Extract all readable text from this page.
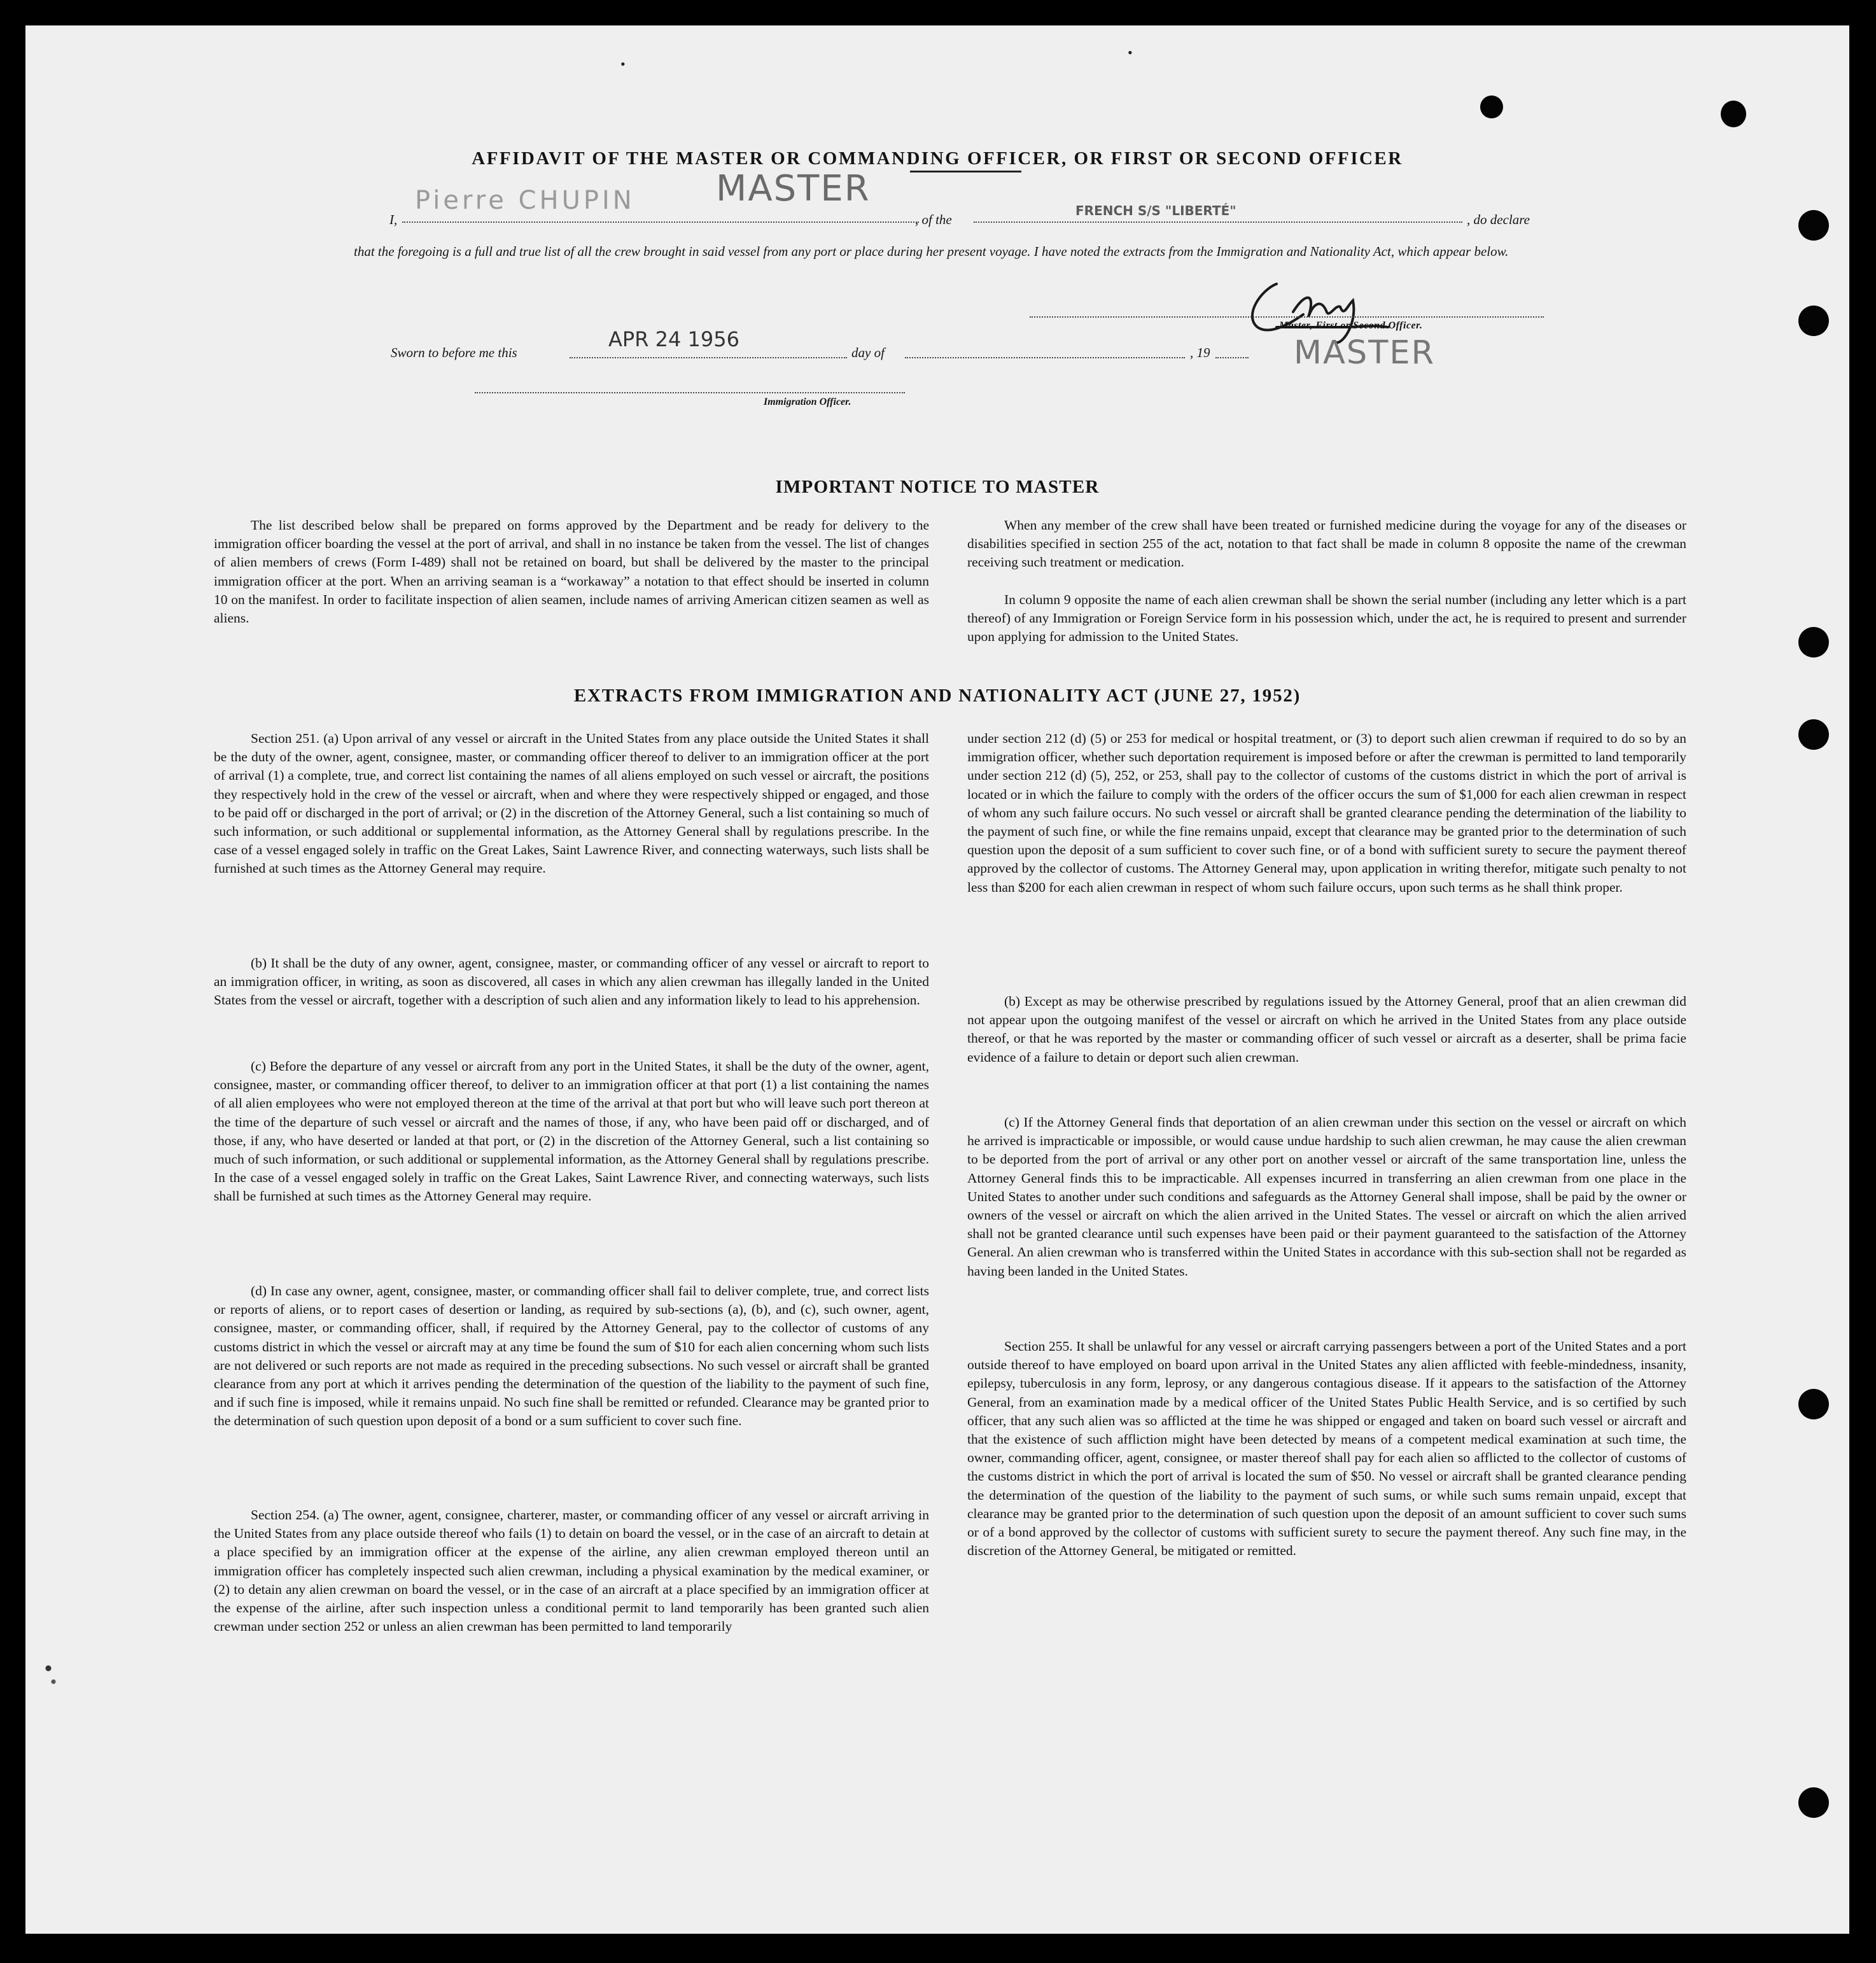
•
•
AFFIDAVIT OF THE MASTER OR COMMANDING OFFICER, OR FIRST OR SECOND OFFICER
I,
Pierre CHUPIN MASTER
, of the
FRENCH S/S "LIBERTÉ"
, do declare
that the foregoing is a full and true list of all the crew brought in said vessel from any port or place during her present voyage. I have noted the extracts from the Immigration and Nationality Act, which appear below.
Master, First or Second Officer.
MASTER
Sworn to before me this
APR 24 1956
day of	, 19
Immigration Officer.
IMPORTANT NOTICE TO MASTER

The list described below shall be prepared on forms approved by the Department and be ready for delivery to the immigration officer boarding the vessel at the port of arrival, and shall in no instance be taken from the vessel. The list of changes of alien members of crews (Form I-489) shall not be retained on board, but shall be delivered by the master to the principal immigration officer at the port. When an arriving seaman is a “workaway” a notation to that effect should be inserted in column 10 on the manifest. In order to facilitate inspection of alien seamen, include names of arriving American citizen seamen as well as aliens.

When any member of the crew shall have been treated or furnished medicine during the voyage for any of the diseases or disabilities specified in section 255 of the act, notation to that fact shall be made in column 8 opposite the name of the crewman receiving such treatment or medication.

In column 9 opposite the name of each alien crewman shall be shown the serial number (including any letter which is a part thereof) of any Immigration or Foreign Service form in his possession which, under the act, he is required to present and surrender upon applying for admission to the United States.

EXTRACTS FROM IMMIGRATION AND NATIONALITY ACT (JUNE 27, 1952)

Section 251. (a) Upon arrival of any vessel or aircraft in the United States from any place outside the United States it shall be the duty of the owner, agent, consignee, master, or commanding officer thereof to deliver to an immigration officer at the port of arrival (1) a complete, true, and correct list containing the names of all aliens employed on such vessel or aircraft, the positions they respectively hold in the crew of the vessel or aircraft, when and where they were respectively shipped or engaged, and those to be paid off or discharged in the port of arrival; or (2) in the discretion of the Attorney General, such a list containing so much of such information, or such additional or supplemental information, as the Attorney General shall by regulations prescribe. In the case of a vessel engaged solely in traffic on the Great Lakes, Saint Lawrence River, and connecting waterways, such lists shall be furnished at such times as the Attorney General may require.

(b) It shall be the duty of any owner, agent, consignee, master, or commanding officer of any vessel or aircraft to report to an immigration officer, in writing, as soon as discovered, all cases in which any alien crewman has illegally landed in the United States from the vessel or aircraft, together with a description of such alien and any information likely to lead to his apprehension.

(c) Before the departure of any vessel or aircraft from any port in the United States, it shall be the duty of the owner, agent, consignee, master, or commanding officer thereof, to deliver to an immigration officer at that port (1) a list containing the names of all alien employees who were not employed thereon at the time of the arrival at that port but who will leave such port thereon at the time of the departure of such vessel or aircraft and the names of those, if any, who have been paid off or discharged, and of those, if any, who have deserted or landed at that port, or (2) in the discretion of the Attorney General, such a list containing so much of such information, or such additional or supplemental information, as the Attorney General shall by regulations prescribe. In the case of a vessel engaged solely in traffic on the Great Lakes, Saint Lawrence River, and connecting waterways, such lists shall be furnished at such times as the Attorney General may require.

(d) In case any owner, agent, consignee, master, or commanding officer shall fail to deliver complete, true, and correct lists or reports of aliens, or to report cases of desertion or landing, as required by sub-sections (a), (b), and (c), such owner, agent, consignee, master, or commanding officer, shall, if required by the Attorney General, pay to the collector of customs of any customs district in which the vessel or aircraft may at any time be found the sum of $10 for each alien concerning whom such lists are not delivered or such reports are not made as required in the preceding subsections. No such vessel or aircraft shall be granted clearance from any port at which it arrives pending the determination of the question of the liability to the payment of such fine, and if such fine is imposed, while it remains unpaid. No such fine shall be remitted or refunded. Clearance may be granted prior to the determination of such question upon deposit of a bond or a sum sufficient to cover such fine.

Section 254. (a) The owner, agent, consignee, charterer, master, or commanding officer of any vessel or aircraft arriving in the United States from any place outside thereof who fails (1) to detain on board the vessel, or in the case of an aircraft to detain at a place specified by an immigration officer at the expense of the airline, any alien crewman employed thereon until an immigration officer has completely inspected such alien crewman, including a physical examination by the medical examiner, or (2) to detain any alien crewman on board the vessel, or in the case of an aircraft at a place specified by an immigration officer at the expense of the airline, after such inspection unless a conditional permit to land temporarily has been granted such alien crewman under section 252 or unless an alien crewman has been permitted to land temporarily

under section 212 (d) (5) or 253 for medical or hospital treatment, or (3) to deport such alien crewman if required to do so by an immigration officer, whether such deportation requirement is imposed before or after the crewman is permitted to land temporarily under section 212 (d) (5), 252, or 253, shall pay to the collector of customs of the customs district in which the port of arrival is located or in which the failure to comply with the orders of the officer occurs the sum of $1,000 for each alien crewman in respect of whom any such failure occurs. No such vessel or aircraft shall be granted clearance pending the determination of the liability to the payment of such fine, or while the fine remains unpaid, except that clearance may be granted prior to the determination of such question upon the deposit of a sum sufficient to cover such fine, or of a bond with sufficient surety to secure the payment thereof approved by the collector of customs. The Attorney General may, upon application in writing therefor, mitigate such penalty to not less than $200 for each alien crewman in respect of whom such failure occurs, upon such terms as he shall think proper.

(b) Except as may be otherwise prescribed by regulations issued by the Attorney General, proof that an alien crewman did not appear upon the outgoing manifest of the vessel or aircraft on which he arrived in the United States from any place outside thereof, or that he was reported by the master or commanding officer of such vessel or aircraft as a deserter, shall be prima facie evidence of a failure to detain or deport such alien crewman.

(c) If the Attorney General finds that deportation of an alien crewman under this section on the vessel or aircraft on which he arrived is impracticable or impossible, or would cause undue hardship to such alien crewman, he may cause the alien crewman to be deported from the port of arrival or any other port on another vessel or aircraft of the same transportation line, unless the Attorney General finds this to be impracticable. All expenses incurred in transferring an alien crewman from one place in the United States to another under such conditions and safeguards as the Attorney General shall impose, shall be paid by the owner or owners of the vessel or aircraft on which the alien arrived in the United States. The vessel or aircraft on which the alien arrived shall not be granted clearance until such expenses have been paid or their payment guaranteed to the satisfaction of the Attorney General. An alien crewman who is transferred within the United States in accordance with this sub-section shall not be regarded as having been landed in the United States.

Section 255. It shall be unlawful for any vessel or aircraft carrying passengers between a port of the United States and a port outside thereof to have employed on board upon arrival in the United States any alien afflicted with feeble-mindedness, insanity, epilepsy, tuberculosis in any form, leprosy, or any dangerous contagious disease. If it appears to the satisfaction of the Attorney General, from an examination made by a medical officer of the United States Public Health Service, and is so certified by such officer, that any such alien was so afflicted at the time he was shipped or engaged and taken on board such vessel or aircraft and that the existence of such affliction might have been detected by means of a competent medical examination at such time, the owner, commanding officer, agent, consignee, or master thereof shall pay for each alien so afflicted to the collector of customs of the customs district in which the port of arrival is located the sum of $50. No vessel or aircraft shall be granted clearance pending the determination of the question of the liability to the payment of such sums, or while such sums remain unpaid, except that clearance may be granted prior to the determination of such question upon the deposit of an amount sufficient to cover such sums or of a bond approved by the collector of customs with sufficient surety to secure the payment thereof. Any such fine may, in the discretion of the Attorney General, be mitigated or remitted.
